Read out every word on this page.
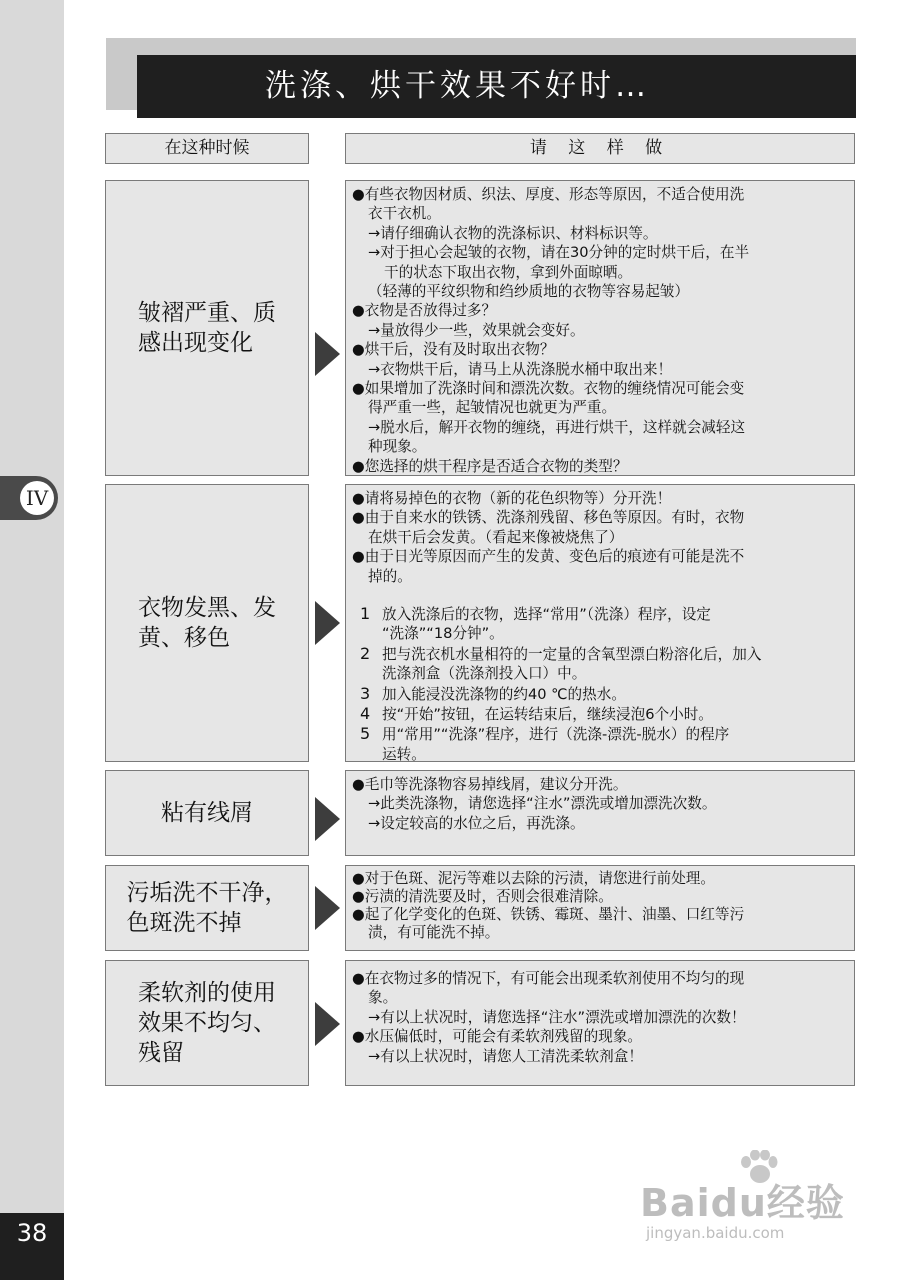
IV
38
洗涤、烘干效果不好时…
在这种时候	请 这 样 做
皱褶严重、质
感出现变化
●有些衣物因材质、织法、厚度、形态等原因，不适合使用洗
衣干衣机。
→请仔细确认衣物的洗涤标识、材料标识等。
→对于担心会起皱的衣物，请在30分钟的定时烘干后，在半
干的状态下取出衣物，拿到外面晾晒。
（轻薄的平纹织物和绉纱质地的衣物等容易起皱）
●衣物是否放得过多？
→量放得少一些，效果就会变好。
●烘干后，没有及时取出衣物？
→衣物烘干后，请马上从洗涤脱水桶中取出来！
●如果增加了洗涤时间和漂洗次数。衣物的缠绕情况可能会变
得严重一些，起皱情况也就更为严重。
→脱水后，解开衣物的缠绕，再进行烘干，这样就会减轻这
种现象。
●您选择的烘干程序是否适合衣物的类型？
衣物发黑、发
黄、移色
●请将易掉色的衣物（新的花色织物等）分开洗！
●由于自来水的铁锈、洗涤剂残留、移色等原因。有时，衣物
在烘干后会发黄。（看起来像被烧焦了）
●由于日光等原因而产生的发黄、变色后的痕迹有可能是洗不
掉的。
1 放入洗涤后的衣物，选择“常用”（洗涤）程序，设定
“洗涤”“18分钟”。
2 把与洗衣机水量相符的一定量的含氧型漂白粉溶化后，加入
洗涤剂盒（洗涤剂投入口）中。
3 加入能浸没洗涤物的约40 ℃的热水。
4 按“开始”按钮，在运转结束后，继续浸泡6个小时。
5 用“常用”“洗涤”程序，进行（洗涤-漂洗-脱水）的程序
运转。
粘有线屑
●毛巾等洗涤物容易掉线屑，建议分开洗。
→此类洗涤物，请您选择“注水”漂洗或增加漂洗次数。
→设定较高的水位之后，再洗涤。
污垢洗不干净，
色斑洗不掉
●对于色斑、泥污等难以去除的污渍，请您进行前处理。
●污渍的清洗要及时，否则会很难清除。
●起了化学变化的色斑、铁锈、霉斑、墨汁、油墨、口红等污
渍，有可能洗不掉。
柔软剂的使用
效果不均匀、
残留
●在衣物过多的情况下，有可能会出现柔软剂使用不均匀的现
象。
→有以上状况时，请您选择“注水”漂洗或增加漂洗的次数！
●水压偏低时，可能会有柔软剂残留的现象。
→有以上状况时，请您人工清洗柔软剂盒！
Baidu经验
jingyan.baidu.com
